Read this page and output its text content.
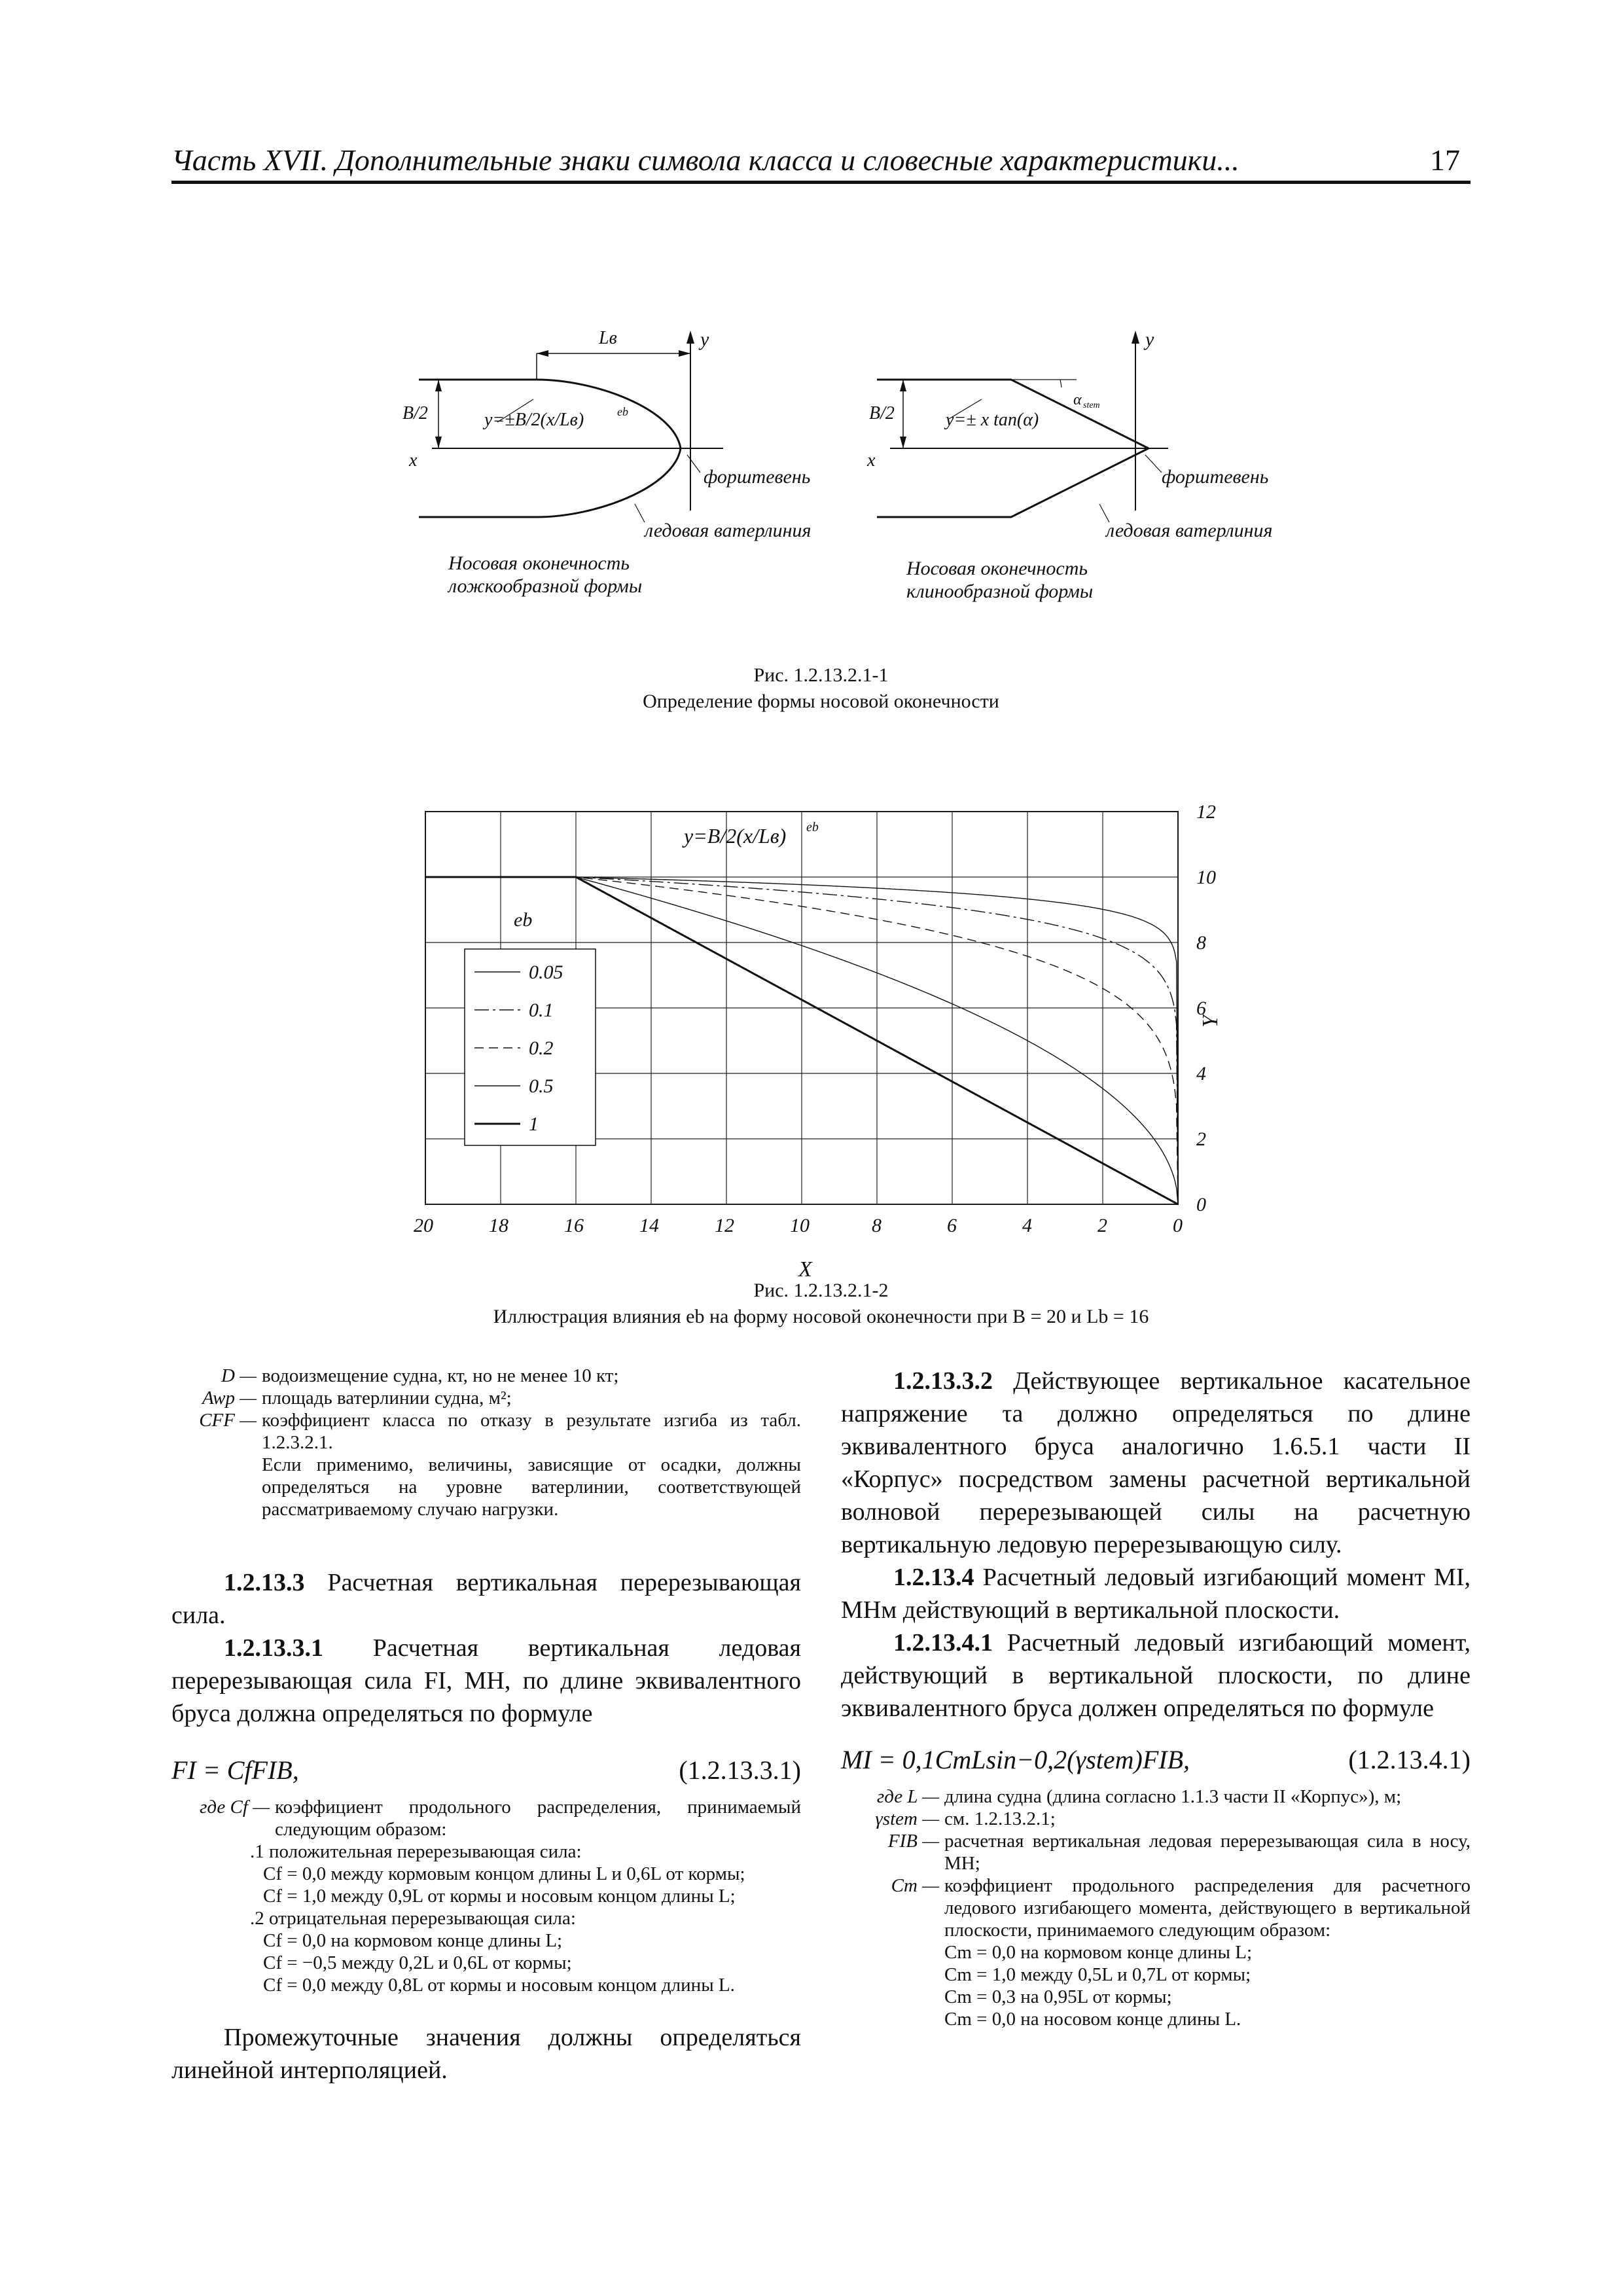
Часть XVII. Дополнительные знаки символа класса и словесные характеристики...	17
Lв	y
B/2
x
y=±B/2(x/Lв)	eb
форштевень
ледовая ватерлиния
Носовая оконечность
ложкообразной формы
y
B/2
x
y=± x tan(α)
α stem
форштевень
ледовая ватерлиния
Носовая оконечность
клинообразной формы
Рис. 1.2.13.2.1-1
Определение формы носовой оконечности
20	18	16	14	12	10	8	6	4	2	0
0
2
4
6
8
10
12
y=B/2(x/Lв) eb
X
Y
eb
0.05
0.1
0.2
0.5
1
Рис. 1.2.13.2.1-2
Иллюстрация влияния eb на форму носовой оконечности при B = 20 и Lb = 16
D — водоизмещение судна, кт, но не менее 10 кт;
Awp — площадь ватерлинии судна, м²;
CFF — коэффициент класса по отказу в результате изгиба из табл. 1.2.3.2.1.
Если применимо, величины, зависящие от осадки, должны определяться на уровне ватерлинии, соответствующей рассматриваемому случаю нагрузки.

1.2.13.3 Расчетная вертикальная перерезывающая сила.

1.2.13.3.1 Расчетная вертикальная ледовая перерезывающая сила FI, МН, по длине эквивалентного бруса должна определяться по формуле

FI = CfFIB,	(1.2.13.3.1)
где Cf — коэффициент продольного распределения, принимаемый следующим образом:
.1 положительная перерезывающая сила:
Cf = 0,0 между кормовым концом длины L и 0,6L от кормы;
Cf = 1,0 между 0,9L от кормы и носовым концом длины L;
.2 отрицательная перерезывающая сила:
Cf = 0,0 на кормовом конце длины L;
Cf = −0,5 между 0,2L и 0,6L от кормы;
Cf = 0,0 между 0,8L от кормы и носовым концом длины L.

Промежуточные значения должны определяться линейной интерполяцией.

1.2.13.3.2 Действующее вертикальное касательное напряжение τa должно определяться по длине эквивалентного бруса аналогично 1.6.5.1 части II «Корпус» посредством замены расчетной вертикальной волновой перерезывающей силы на расчетную вертикальную ледовую перерезывающую силу.

1.2.13.4 Расчетный ледовый изгибающий момент MI, МНм действующий в вертикальной плоскости.

1.2.13.4.1 Расчетный ледовый изгибающий момент, действующий в вертикальной плоскости, по длине эквивалентного бруса должен определяться по формуле

MI = 0,1CmLsin−0,2(γstem)FIB,	(1.2.13.4.1)
где L — длина судна (длина согласно 1.1.3 части II «Корпус»), м;
γstem — см. 1.2.13.2.1;
FIB — расчетная вертикальная ледовая перерезывающая сила в носу, МН;
Cm — коэффициент продольного распределения для расчетного ледового изгибающего момента, действующего в вертикальной плоскости, принимаемого следующим образом:
Cm = 0,0 на кормовом конце длины L;
Cm = 1,0 между 0,5L и 0,7L от кормы;
Cm = 0,3 на 0,95L от кормы;
Cm = 0,0 на носовом конце длины L.
